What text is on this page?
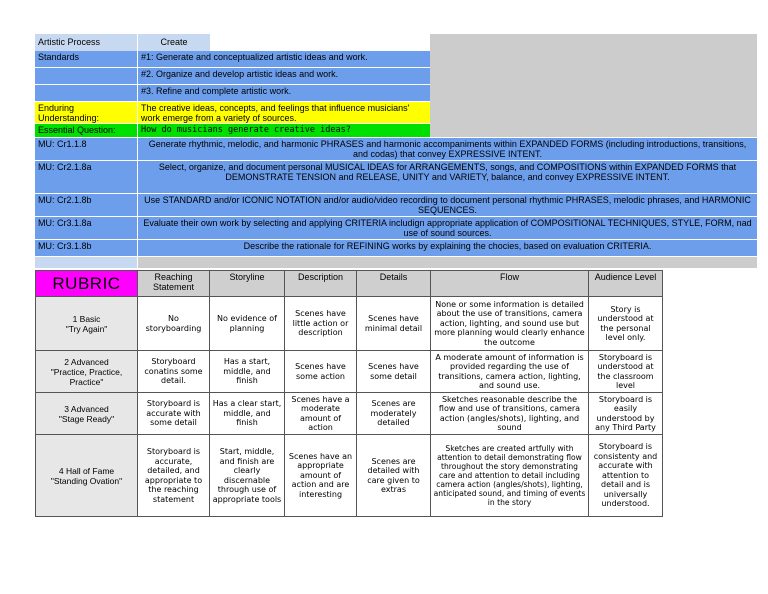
Artistic Process	Create
Standards	#1: Generate and conceptualized artistic ideas and work.
#2. Organize and develop artistic ideas and work.
#3. Refine and complete artistic work.
Enduring Understanding:
The creative ideas, concepts, and feelings that influence musicians' work emerge from a variety of sources.
Essential Question:	How do musicians generate creative ideas?
MU: Cr1.1.8	Generate rhythmic, melodic, and harmonic PHRASES and harmonic accompaniments within EXPANDED FORMS (including introductions, transitions, and codas) that convey EXPRESSIVE INTENT.
MU: Cr2.1.8a	Select, organize, and document personal MUSICAL IDEAS for ARRANGEMENTS, songs, and COMPOSITIONS within EXPANDED FORMS that DEMONSTRATE TENSION and RELEASE, UNITY and VARIETY, balance, and convey EXPRESSIVE INTENT.
MU: Cr2.1.8b	Use STANDARD and/or ICONIC NOTATION and/or audio/video recording to document personal rhythmic PHRASES, melodic phrases, and HARMONIC SEQUENCES.
MU: Cr3.1.8a	Evaluate their own work by selecting and applying CRITERIA includign appropriate application of COMPOSITIONAL TECHNIQUES, STYLE, FORM, nad use of sound sources.
MU: Cr3.1.8b	Describe the rationale for REFINING works by explaining the chocies, based on evaluation CRITERIA.
RUBRIC	Reaching Statement	Storyline	Description	Details	Flow	Audience Level
1 Basic
"Try Again"	No storyboarding	No evidence of planning	Scenes have little action or description	Scenes have minimal detail	None or some information is detailed about the use of transitions, camera action, lighting, and sound use but more planning would clearly enhance the outcome	Story is understood at the personal level only.
2 Advanced
"Practice, Practice, Practice"	Storyboard conatins some detail.	Has a start, middle, and finish	Scenes have some action	Scenes have some detail	A moderate amount of information is provided regarding the use of transitions, camera action, lighting, and sound use.	Storyboard is understood at the classroom level
3 Advanced
"Stage Ready"	Storyboard is accurate with some detail	Has a clear start, middle, and finish	Scenes have a moderate amount of action	Scenes are moderately detailed	Sketches reasonable describe the flow and use of transitions, camera action (angles/shots), lighting, and sound	Storyboard is easily understood by any Third Party
4 Hall of Fame
"Standing Ovation"	Storyboard is accurate, detailed, and appropriate to the reaching statement	Start, middle, and finish are clearly discernable through use of appropriate tools	Scenes have an appropriate amount of action and are interesting	Scenes are detailed with care given to extras	Sketches are created artfully with attention to detail demonstrating flow throughout the story demonstrating care and attention to detail including camera action (angles/shots), lighting, anticipated sound, and timing of events in the story	Storyboard is consistenty and accurate with attention to detail and is universally understood.
